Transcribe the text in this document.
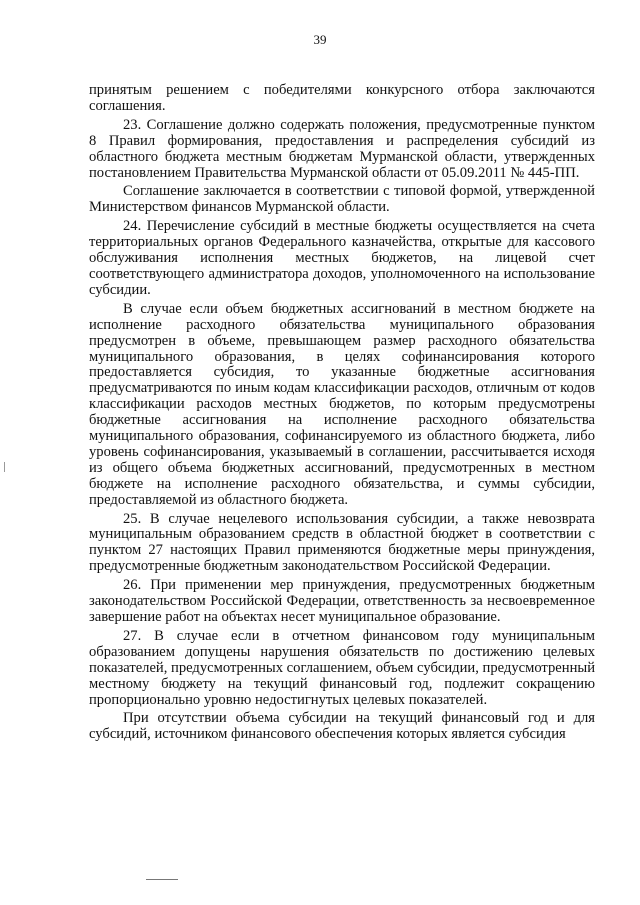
39

принятым решением с победителями конкурсного отбора заключаются соглашения.

23. Соглашение должно содержать положения, предусмотренные пунктом 8 Правил формирования, предоставления и распределения субсидий из областного бюджета местным бюджетам Мурманской области, утвержденных постановлением Правительства Мурманской области от 05.09.2011 № 445-ПП.

Соглашение заключается в соответствии с типовой формой, утвержденной Министерством финансов Мурманской области.

24. Перечисление субсидий в местные бюджеты осуществляется на счета территориальных органов Федерального казначейства, открытые для кассового обслуживания исполнения местных бюджетов, на лицевой счет соответствующего администратора доходов, уполномоченного на использование субсидии.

В случае если объем бюджетных ассигнований в местном бюджете на исполнение расходного обязательства муниципального образования предусмотрен в объеме, превышающем размер расходного обязательства муниципального образования, в целях софинансирования которого предоставляется субсидия, то указанные бюджетные ассигнования предусматриваются по иным кодам классификации расходов, отличным от кодов классификации расходов местных бюджетов, по которым предусмотрены бюджетные ассигнования на исполнение расходного обязательства муниципального образования, софинансируемого из областного бюджета, либо уровень софинансирования, указываемый в соглашении, рассчитывается исходя из общего объема бюджетных ассигнований, предусмотренных в местном бюджете на исполнение расходного обязательства, и суммы субсидии, предоставляемой из областного бюджета.

25. В случае нецелевого использования субсидии, а также невозврата муниципальным образованием средств в областной бюджет в соответствии с пунктом 27 настоящих Правил применяются бюджетные меры принуждения, предусмотренные бюджетным законодательством Российской Федерации.

26. При применении мер принуждения, предусмотренных бюджетным законодательством Российской Федерации, ответственность за несвоевременное завершение работ на объектах несет муниципальное образование.

27. В случае если в отчетном финансовом году муниципальным образованием допущены нарушения обязательств по достижению целевых показателей, предусмотренных соглашением, объем субсидии, предусмотренный местному бюджету на текущий финансовый год, подлежит сокращению пропорционально уровню недостигнутых целевых показателей.

При отсутствии объема субсидии на текущий финансовый год и для субсидий, источником финансового обеспечения которых является субсидия
